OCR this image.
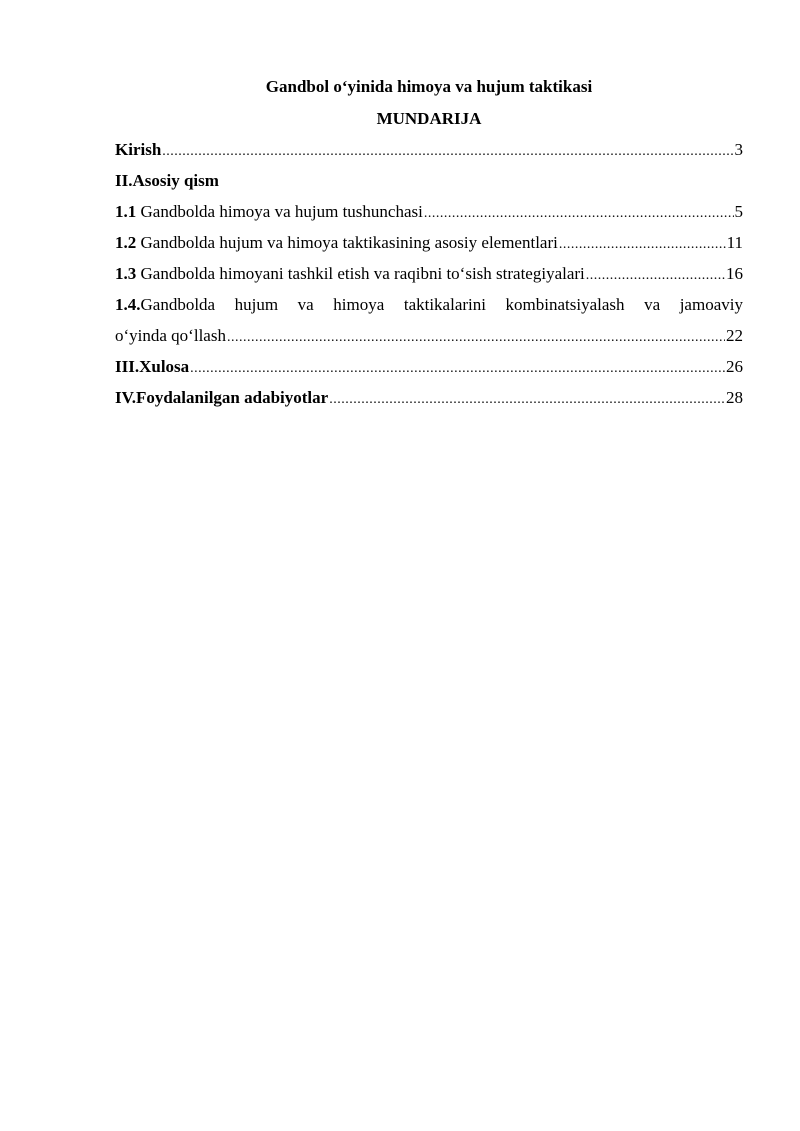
Gandbol o‘yinida himoya va hujum taktikasi
MUNDARIJA
Kirish .....	3
II.Asosiy qism
1.1 Gandbolda himoya va hujum tushunchasi .....	5
1.2 Gandbolda hujum va himoya taktikasining asosiy elementlari .....	11
1.3 Gandbolda himoyani tashkil etish va raqibni to‘sish strategiyalari .....	16
1.4.Gandbolda hujum va himoya taktikalarini kombinatsiyalash va jamoaviy
o‘yinda qo‘llash .....	22
III.Xulosa .....	26
IV.Foydalanilgan adabiyotlar .....	28
